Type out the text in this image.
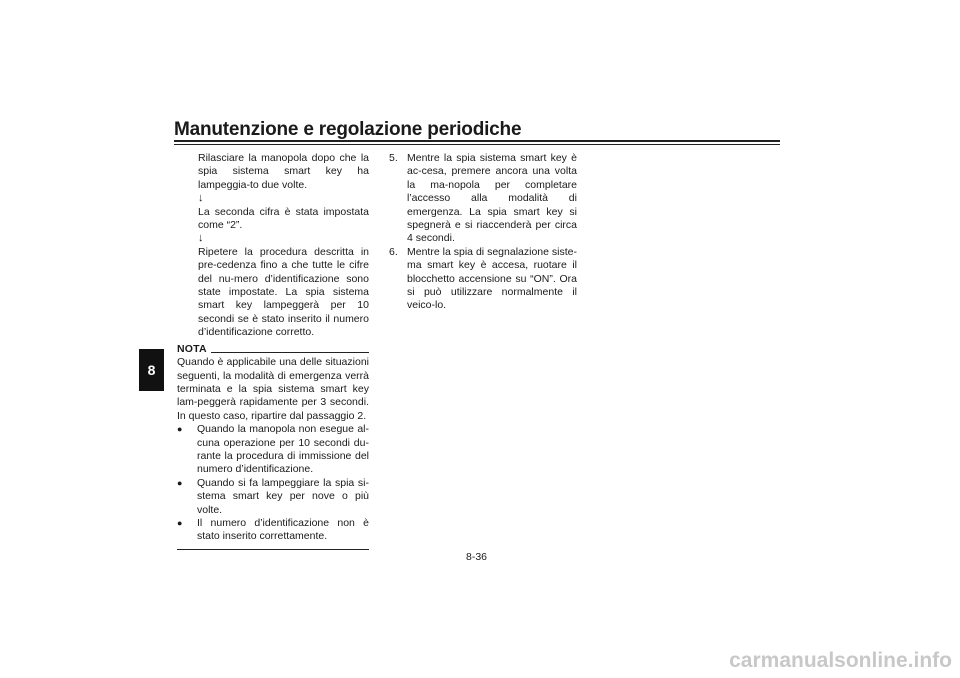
Manutenzione e regolazione periodiche
8
Rilasciare la manopola dopo che la spia sistema smart key ha lampeggia-to due volte.
↓
La seconda cifra è stata impostata come “2”.
↓
Ripetere la procedura descritta in pre-cedenza fino a che tutte le cifre del nu-mero d’identificazione sono state impostate. La spia sistema smart key lampeggerà per 10 secondi se è stato inserito il numero d’identificazione corretto.
NOTA
Quando è applicabile una delle situazioni seguenti, la modalità di emergenza verrà terminata e la spia sistema smart key lam-peggerà rapidamente per 3 secondi. In questo caso, ripartire dal passaggio 2.
●	Quando la manopola non esegue al-cuna operazione per 10 secondi du-rante la procedura di immissione del numero d’identificazione.
●	Quando si fa lampeggiare la spia si-stema smart key per nove o più volte.
●	Il numero d’identificazione non è stato inserito correttamente.
5. Mentre la spia sistema smart key è ac-cesa, premere ancora una volta la ma-nopola per completare l’accesso alla modalità di emergenza. La spia smart key si spegnerà e si riaccenderà per circa 4 secondi.
6. Mentre la spia di segnalazione siste-ma smart key è accesa, ruotare il blocchetto accensione su “ON”. Ora si può utilizzare normalmente il veico-lo.
8-36
carmanualsonline.info
